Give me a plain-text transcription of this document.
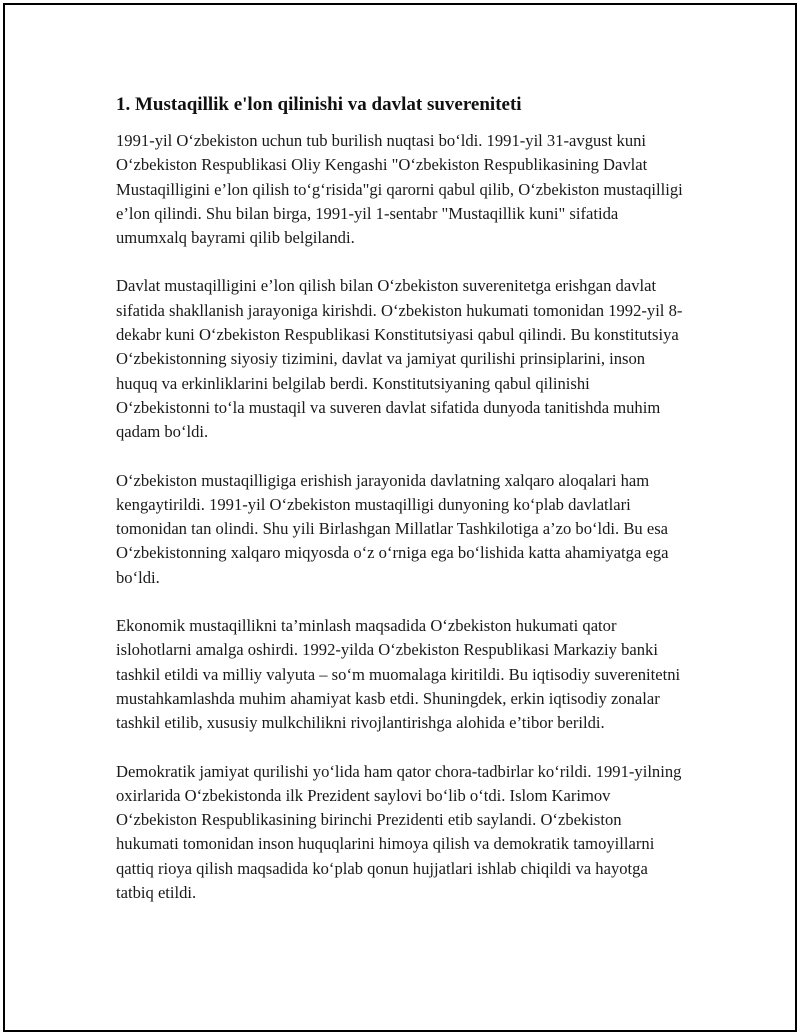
1. Mustaqillik e'lon qilinishi va davlat suvereniteti

1991-yil O‘zbekiston uchun tub burilish nuqtasi bo‘ldi. 1991-yil 31-avgust kuni O‘zbekiston Respublikasi Oliy Kengashi "O‘zbekiston Respublikasining Davlat Mustaqilligini e’lon qilish to‘g‘risida"gi qarorni qabul qilib, O‘zbekiston mustaqilligi e’lon qilindi. Shu bilan birga, 1991-yil 1-sentabr "Mustaqillik kuni" sifatida umumxalq bayrami qilib belgilandi.

Davlat mustaqilligini e’lon qilish bilan O‘zbekiston suverenitetga erishgan davlat sifatida shakllanish jarayoniga kirishdi. O‘zbekiston hukumati tomonidan 1992-yil 8-dekabr kuni O‘zbekiston Respublikasi Konstitutsiyasi qabul qilindi. Bu konstitutsiya O‘zbekistonning siyosiy tizimini, davlat va jamiyat qurilishi prinsiplarini, inson huquq va erkinliklarini belgilab berdi. Konstitutsiyaning qabul qilinishi O‘zbekistonni to‘la mustaqil va suveren davlat sifatida dunyoda tanitishda muhim qadam bo‘ldi.

O‘zbekiston mustaqilligiga erishish jarayonida davlatning xalqaro aloqalari ham kengaytirildi. 1991-yil O‘zbekiston mustaqilligi dunyoning ko‘plab davlatlari tomonidan tan olindi. Shu yili Birlashgan Millatlar Tashkilotiga a’zo bo‘ldi. Bu esa O‘zbekistonning xalqaro miqyosda o‘z o‘rniga ega bo‘lishida katta ahamiyatga ega bo‘ldi.

Ekonomik mustaqillikni ta’minlash maqsadida O‘zbekiston hukumati qator islohotlarni amalga oshirdi. 1992-yilda O‘zbekiston Respublikasi Markaziy banki tashkil etildi va milliy valyuta – so‘m muomalaga kiritildi. Bu iqtisodiy suverenitetni mustahkamlashda muhim ahamiyat kasb etdi. Shuningdek, erkin iqtisodiy zonalar tashkil etilib, xususiy mulkchilikni rivojlantirishga alohida e’tibor berildi.

Demokratik jamiyat qurilishi yo‘lida ham qator chora-tadbirlar ko‘rildi. 1991-yilning oxirlarida O‘zbekistonda ilk Prezident saylovi bo‘lib o‘tdi. Islom Karimov O‘zbekiston Respublikasining birinchi Prezidenti etib saylandi. O‘zbekiston hukumati tomonidan inson huquqlarini himoya qilish va demokratik tamoyillarni qattiq rioya qilish maqsadida ko‘plab qonun hujjatlari ishlab chiqildi va hayotga tatbiq etildi.
